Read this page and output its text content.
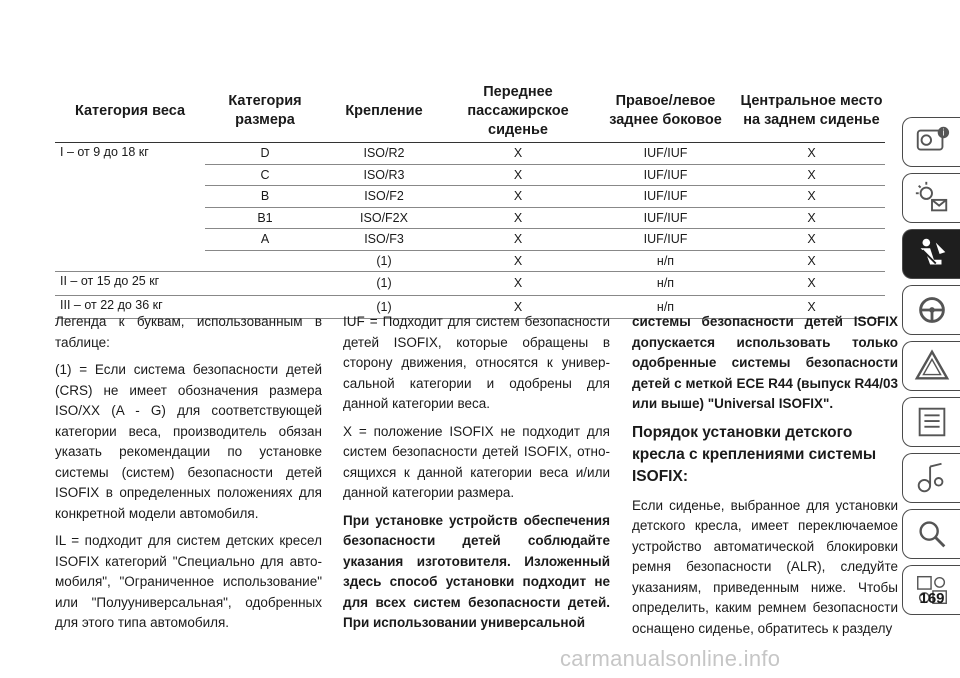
Категория веса	Категория размера	Крепление	Переднее пассажирское сиденье	Правое/левое заднее боковое	Центральное место на заднем сиденье
I – от 9 до 18 кг	D	ISO/R2	X	IUF/IUF	X
	C	ISO/R3	X	IUF/IUF	X
	B	ISO/F2	X	IUF/IUF	X
	B1	ISO/F2X	X	IUF/IUF	X
	A	ISO/F3	X	IUF/IUF	X
		(1)	X	н/п	X
II – от 15 до 25 кг		(1)	X	н/п	X
III – от 22 до 36 кг		(1)	X	н/п	X

Легенда к буквам, использованным в таблице:

(1) = Если система безопасности детей (CRS) не имеет обозначения размера ISO/XX (A - G) для соответствующей категории веса, производитель обязан указать рекомендации по установке системы (систем) безопасности детей ISOFIX в определенных положениях для конкретной модели автомобиля.

IL = подходит для систем детских кресел ISOFIX категорий "Специально для авто-мобиля", "Ограниченное использование" или "Полууниверсальная", одобренных для этого типа автомобиля.

IUF = Подходит для систем безопасности детей ISOFIX, которые обращены в сторону движения, относятся к универ-сальной категории и одобрены для данной категории веса.

X = положение ISOFIX не подходит для систем безопасности детей ISOFIX, отно-сящихся к данной категории веса и/или данной категории размера.

При установке устройств обеспечения безопасности детей соблюдайте указания изготовителя. Изложенный здесь способ установки подходит не для всех систем безопасности детей. При использовании универсальной

системы безопасности детей ISOFIX допускается использовать только одобренные системы безопасности детей с меткой ECE R44 (выпуск R44/03 или выше) "Universal ISOFIX".

Порядок установки детского кресла с креплениями системы ISOFIX:

Если сиденье, выбранное для установки детского кресла, имеет переключаемое устройство автоматической блокировки ремня безопасности (ALR), следуйте указаниям, приведенным ниже. Чтобы определить, каким ремнем безопасности оснащено сиденье, обратитесь к разделу

i
169
carmanualsonline.info
